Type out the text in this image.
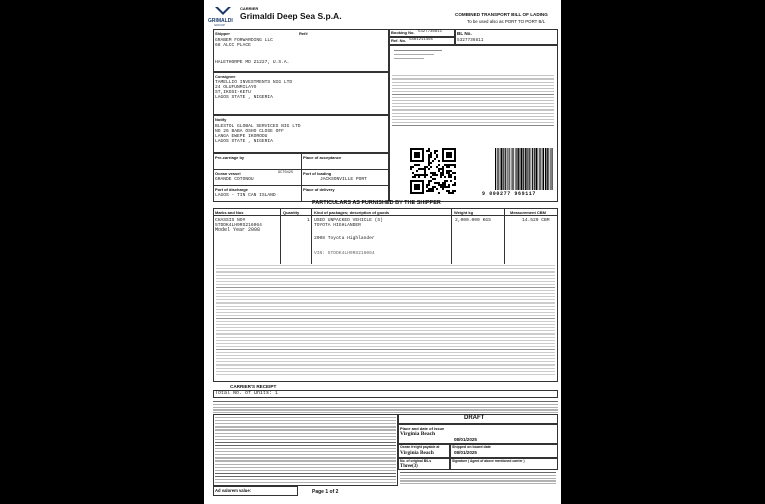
GRIMALDI
GROUP
CARRIER
Grimaldi Deep Sea S.p.A.	COMBINED TRANSPORT BILL OF LADING
To be used also as PORT TO PORT B/L
Shipper	Ref#
GRABEM FORWARDING LLC
68 ALCC PLACE
HALETHORPE MD 21227, U.S.A.
Booking No. 5327736811
Ref. No. 5881211465
BL No.
5327736811
Consignee
TAMELLIO INVESTMENTS NIG LTD
24 OLUFUNMILAYO
ST,IKOSI-KETU
LAGOS STATE , NIGERIA
Notify
BLESTOL GLOBAL SERVICES NIG LTD
NO 26 BABA OSHO CLOSE OFF
LANGA EWEPE IKORODU
LAGOS STATE , NIGERIA
Pre-carriage by	Place of acceptance
Ocean vessel	GCT0425
GRANDE COTONOU
Port of loading
JACKSONVILLE PORT
Port of discharge
LAGOS - TIN CAN ISLAND
Place of delivery
9 000277 969117
PARTICULARS AS FURNISHED BY THE SHIPPER
Marks and Nos	Quantity	Kind of packages; description of goods	Weight kg	Measurement CBM
CHASSIS NO#
5TDDK4LH9RS216064
Model Year 2008
1 USED UNPACKED VEHICLE (S)
TOYOTA HIGHLANDER
2008 Toyota Highlander
VIN: 5TDDK4LH9RS216064
2,000.000 KGS	14.529 CBM
CARRIER'S RECEIPT
Total No. of Units: 1
DRAFT
Place and date of issue
Virginia Beach
08/01/2025
Ocean freight payable at
Virginia Beach
Shipped on board date
08/01/2025
No. of original B/Ls
Three(3)
Signature ( Agent of above mentioned carrier )
Ad valorem value:	Page 1 of 2
